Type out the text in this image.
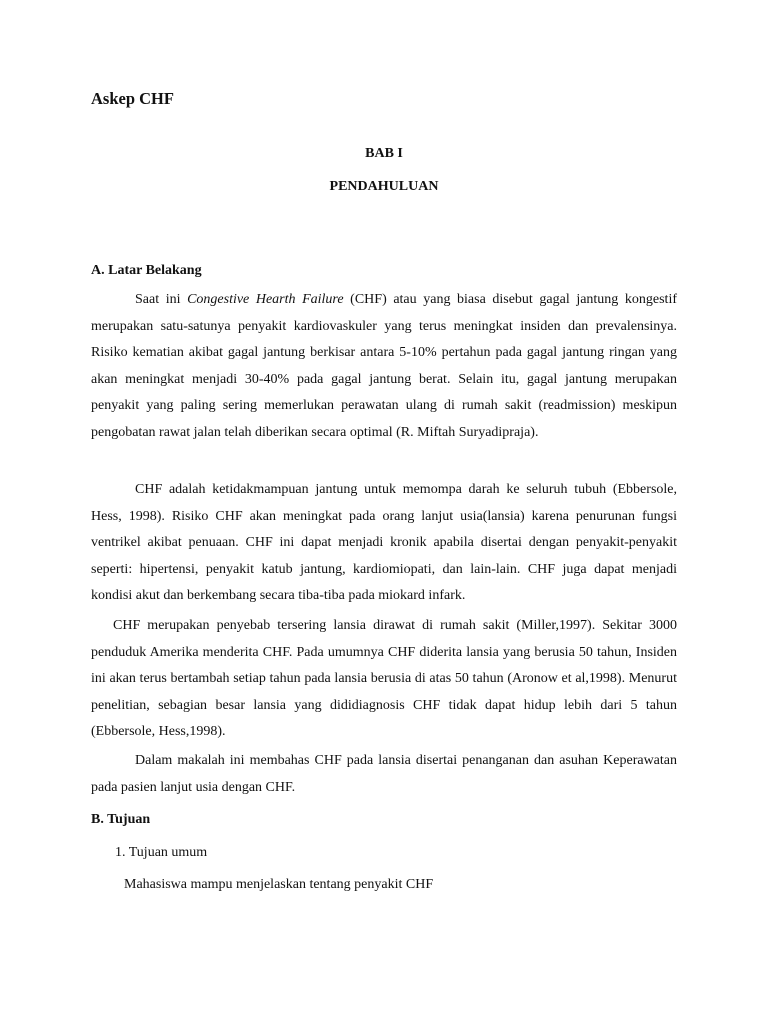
Askep CHF
BAB I
PENDAHULUAN
A. Latar Belakang

Saat ini Congestive Hearth Failure (CHF) atau yang biasa disebut gagal jantung kongestif merupakan satu-satunya penyakit kardiovaskuler yang terus meningkat insiden dan prevalensinya. Risiko kematian akibat gagal jantung berkisar antara 5-10% pertahun pada gagal jantung ringan yang akan meningkat menjadi 30-40% pada gagal jantung berat. Selain itu, gagal jantung merupakan penyakit yang paling sering memerlukan perawatan ulang di rumah sakit (readmission) meskipun pengobatan rawat jalan telah diberikan secara optimal (R. Miftah Suryadipraja).

CHF adalah ketidakmampuan jantung untuk memompa darah ke seluruh tubuh (Ebbersole, Hess, 1998). Risiko CHF akan meningkat pada orang lanjut usia(lansia) karena penurunan fungsi ventrikel akibat penuaan. CHF ini dapat menjadi kronik apabila disertai dengan penyakit-penyakit seperti: hipertensi, penyakit katub jantung, kardiomiopati, dan lain-lain. CHF juga dapat menjadi kondisi akut dan berkembang secara tiba-tiba pada miokard infark.

CHF merupakan penyebab tersering lansia dirawat di rumah sakit (Miller,1997). Sekitar 3000 penduduk Amerika menderita CHF. Pada umumnya CHF diderita lansia yang berusia 50 tahun, Insiden ini akan terus bertambah setiap tahun pada lansia berusia di atas 50 tahun (Aronow et al,1998). Menurut penelitian, sebagian besar lansia yang dididiagnosis CHF tidak dapat hidup lebih dari 5 tahun (Ebbersole, Hess,1998).

Dalam makalah ini membahas CHF pada lansia disertai penanganan dan asuhan Keperawatan pada pasien lanjut usia dengan CHF.

B. Tujuan

1. Tujuan umum

Mahasiswa mampu menjelaskan tentang penyakit CHF
